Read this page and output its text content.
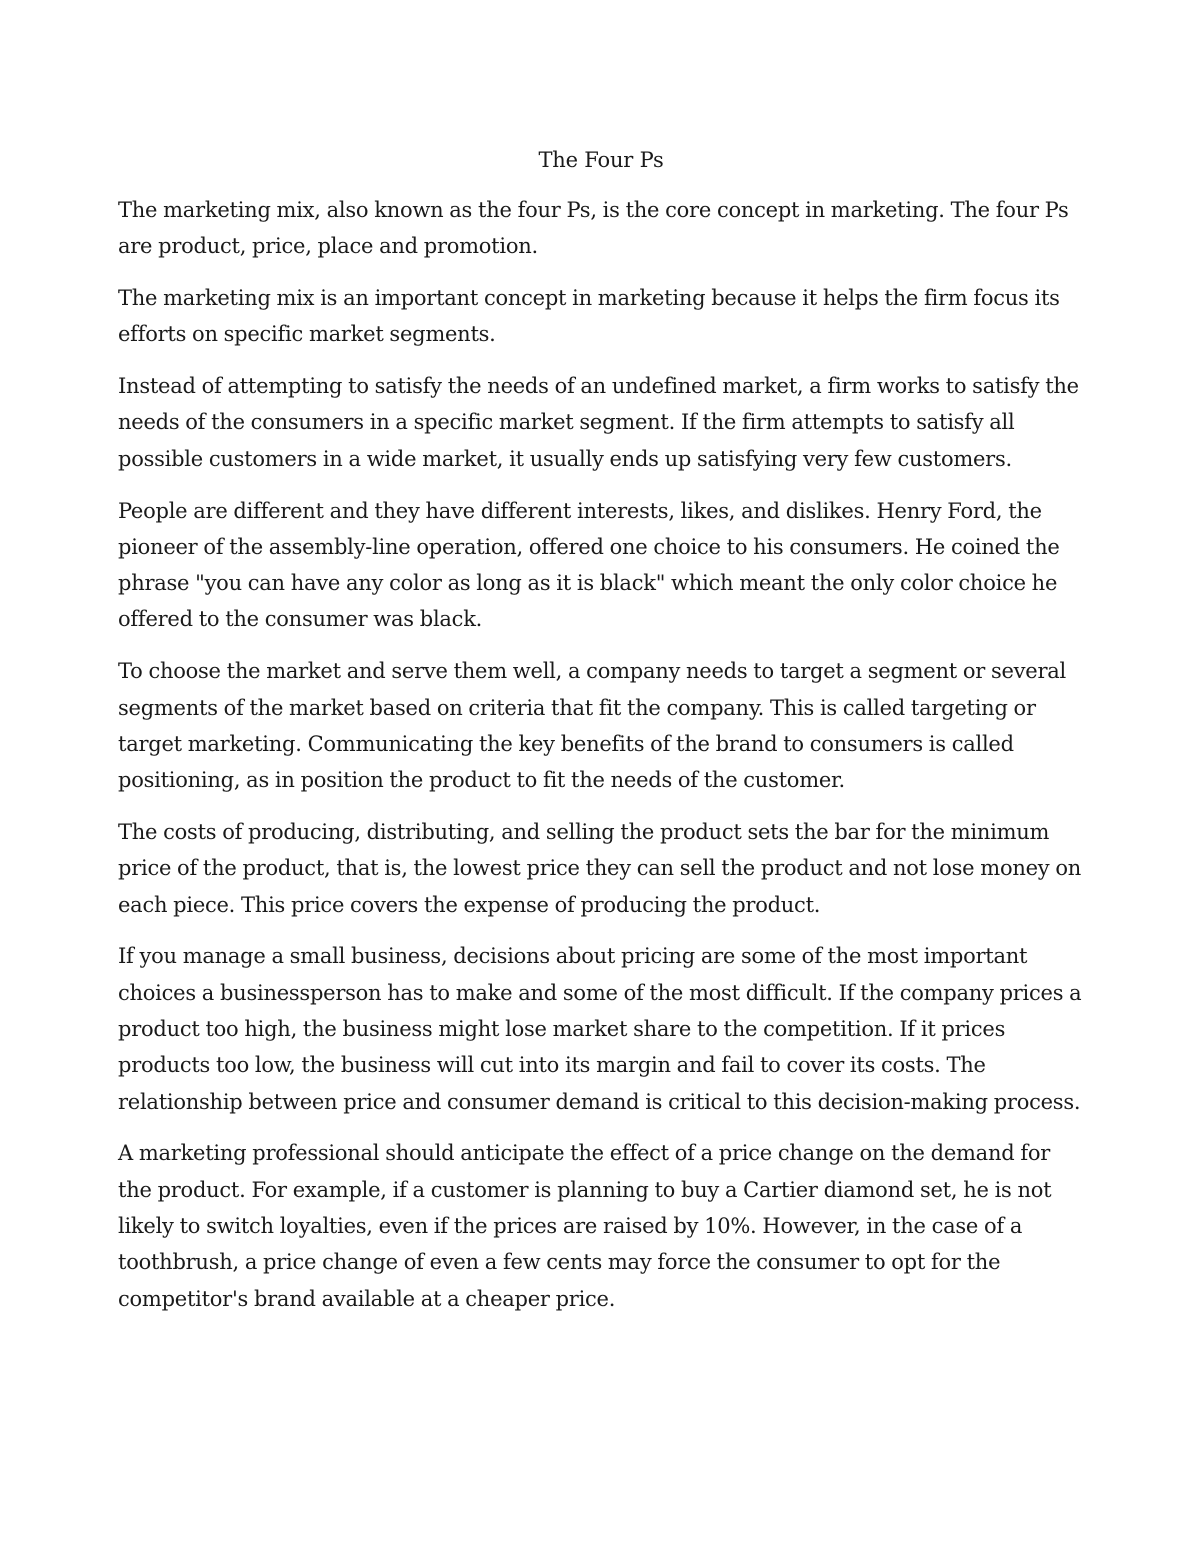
The Four Ps

The marketing mix, also known as the four Ps, is the core concept in marketing. The four Ps are product, price, place and promotion.

The marketing mix is an important concept in marketing because it helps the firm focus its efforts on specific market segments.

Instead of attempting to satisfy the needs of an undefined market, a firm works to satisfy the needs of the consumers in a specific market segment. If the firm attempts to satisfy all possible customers in a wide market, it usually ends up satisfying very few customers.

People are different and they have different interests, likes, and dislikes. Henry Ford, the pioneer of the assembly-line operation, offered one choice to his consumers. He coined the phrase "you can have any color as long as it is black" which meant the only color choice he offered to the consumer was black.

To choose the market and serve them well, a company needs to target a segment or several segments of the market based on criteria that fit the company. This is called targeting or target marketing. Communicating the key benefits of the brand to consumers is called positioning, as in position the product to fit the needs of the customer.

The costs of producing, distributing, and selling the product sets the bar for the minimum price of the product, that is, the lowest price they can sell the product and not lose money on each piece. This price covers the expense of producing the product.

If you manage a small business, decisions about pricing are some of the most important choices a businessperson has to make and some of the most difficult. If the company prices a product too high, the business might lose market share to the competition. If it prices products too low, the business will cut into its margin and fail to cover its costs. The relationship between price and consumer demand is critical to this decision-making process.

A marketing professional should anticipate the effect of a price change on the demand for the product. For example, if a customer is planning to buy a Cartier diamond set, he is not likely to switch loyalties, even if the prices are raised by 10%. However, in the case of a toothbrush, a price change of even a few cents may force the consumer to opt for the competitor's brand available at a cheaper price.
